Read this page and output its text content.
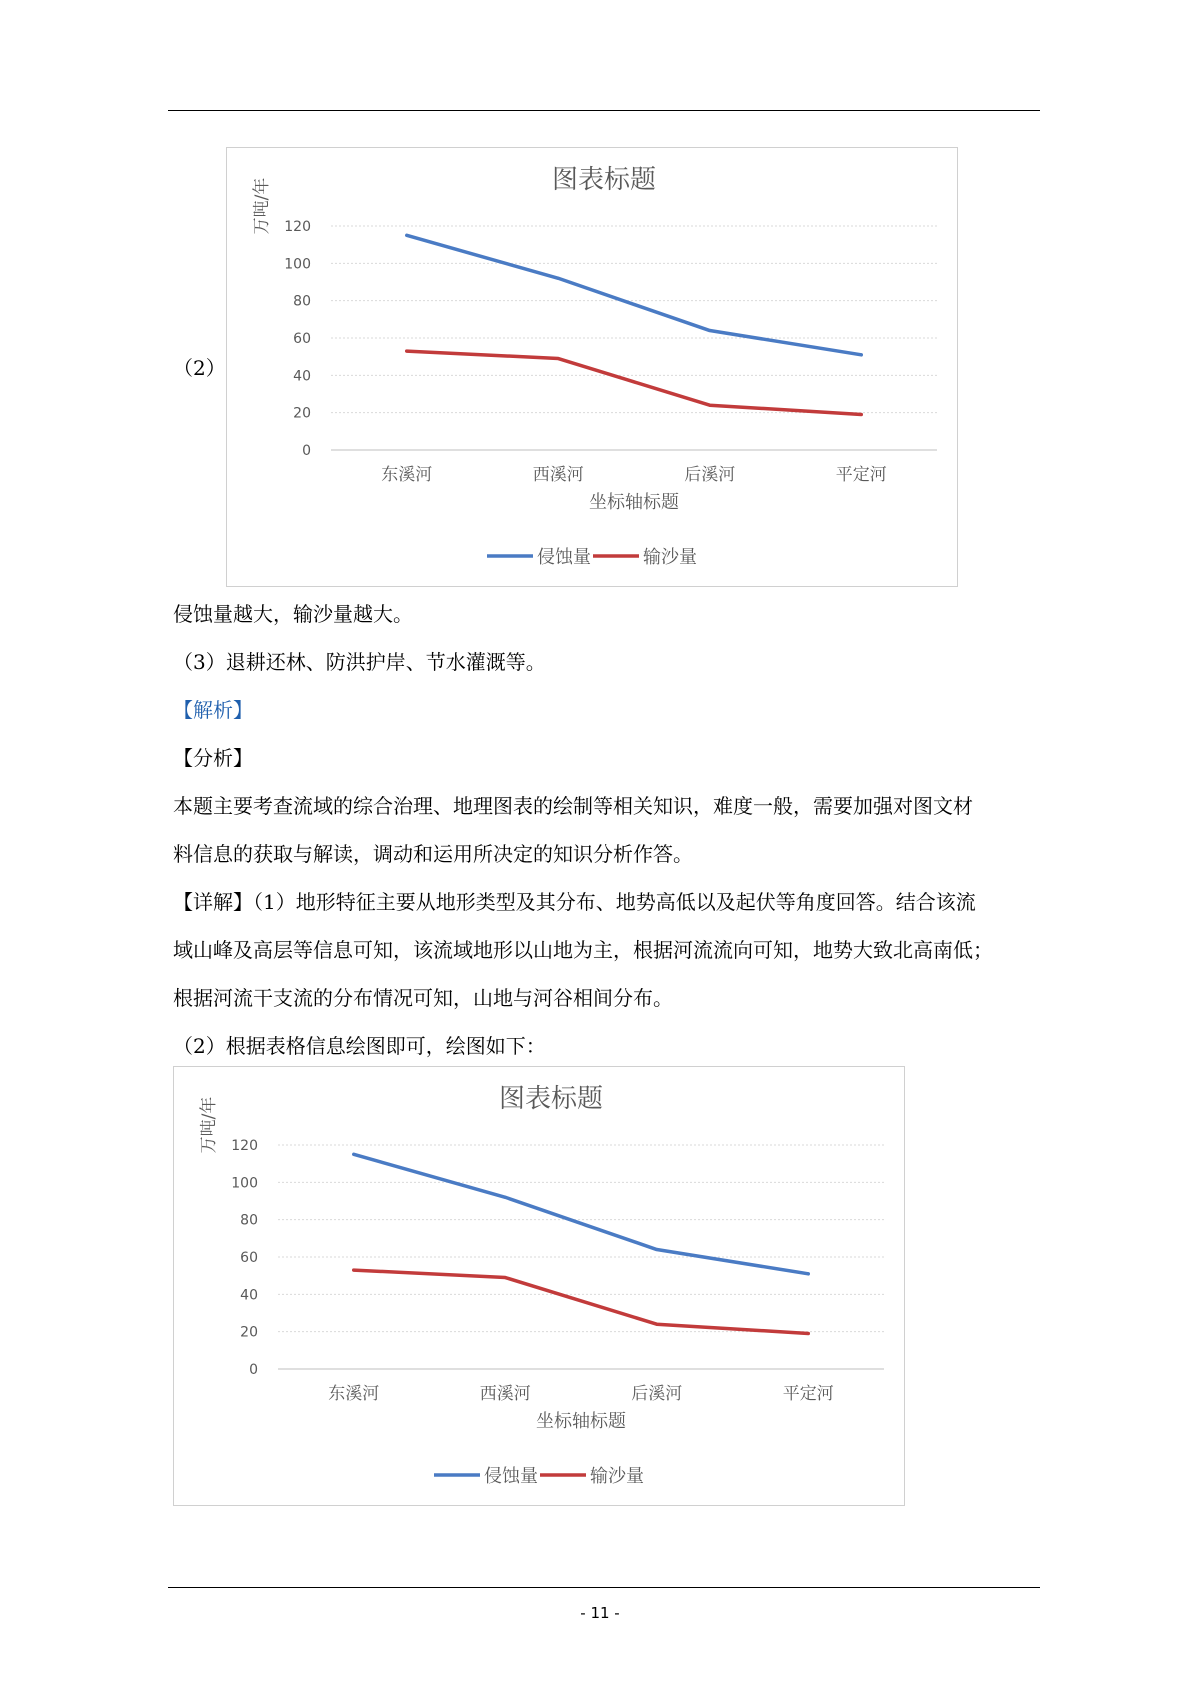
（2）
图表标题
万吨/年
0
20
40
60
80
100
120
东溪河	西溪河	后溪河	平定河
坐标轴标题
侵蚀量	输沙量
侵蚀量越大，输沙量越大。
（3）退耕还林、防洪护岸、节水灌溉等。
【解析】
【分析】
本题主要考查流域的综合治理、地理图表的绘制等相关知识，难度一般，需要加强对图文材
料信息的获取与解读，调动和运用所决定的知识分析作答。
【详解】（1）地形特征主要从地形类型及其分布、地势高低以及起伏等角度回答。结合该流
域山峰及高层等信息可知，该流域地形以山地为主，根据河流流向可知，地势大致北高南低；
根据河流干支流的分布情况可知，山地与河谷相间分布。
（2）根据表格信息绘图即可，绘图如下：
图表标题
万吨/年
0
20
40
60
80
100
120
东溪河	西溪河	后溪河	平定河
坐标轴标题
侵蚀量	输沙量
- 11 -
